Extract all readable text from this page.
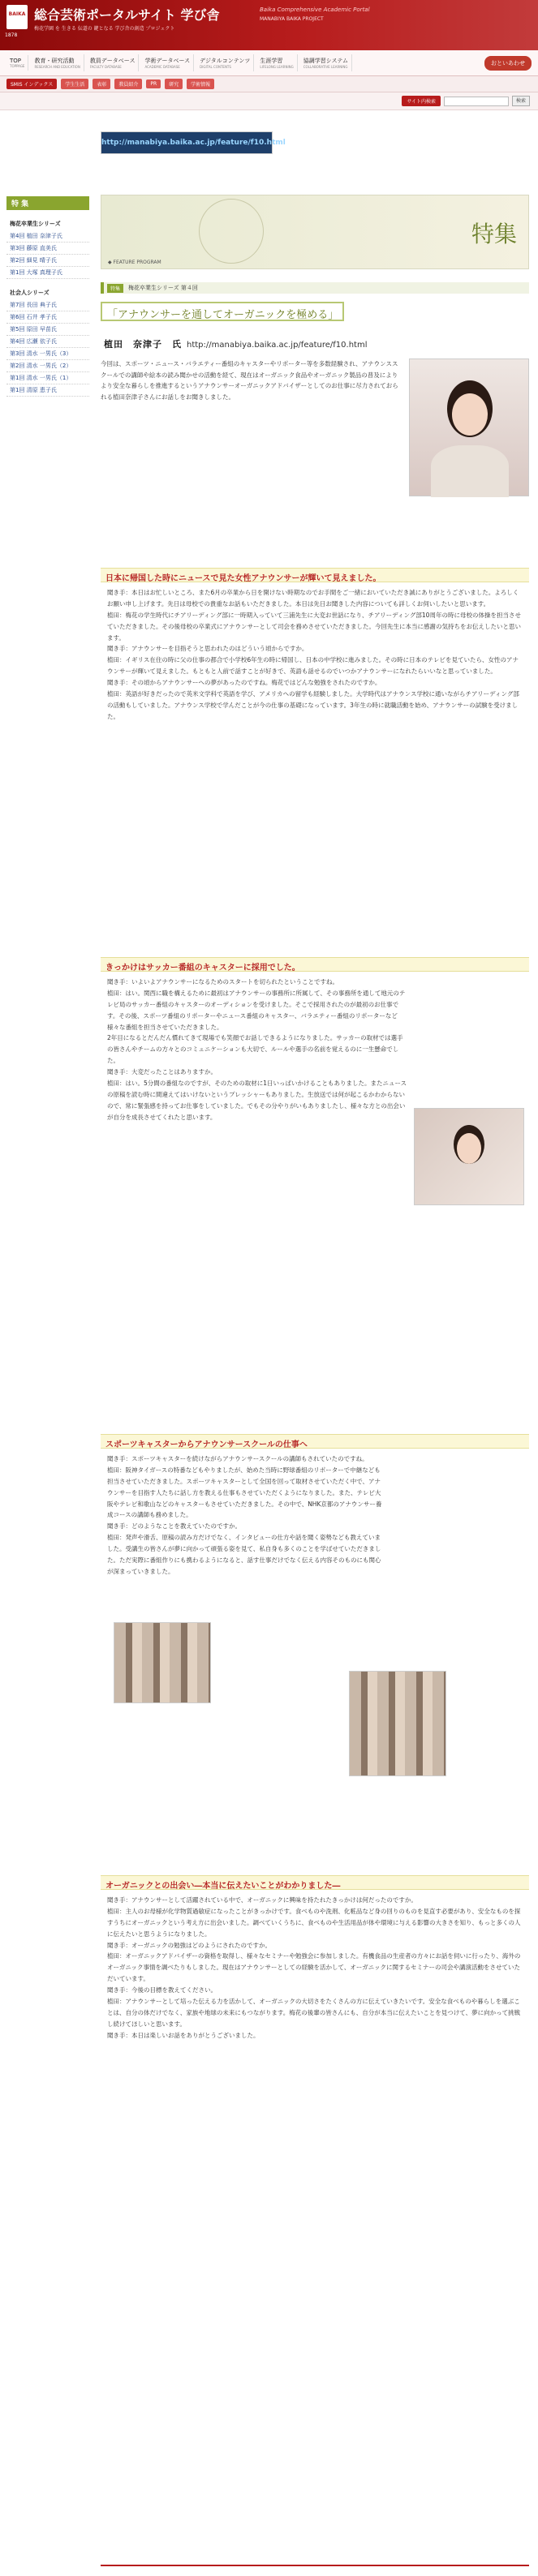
BAIKA
1878
総合芸術ポータルサイト 学び舎
梅花学園 を 生きる 伝道の 鍵となる 学び舎の創造 プロジェクト
Baika Comprehensive Academic Portal
MANABIYA BAIKA PROJECT
TOP
TOPPAGE
教育・研究活動
RESEARCH AND EDUCATION
教員データベース
FACULTY DATABASE
学術データベース
ACADEMIC DATABASE
デジタルコンテンツ
DIGITAL CONTENTS
生涯学習
LIFELONG LEARNING
協調学習システム
COLLABORATIVE LEARNING
おといあわせ
SMIS インデックス	学生生活	表彰	教員紹介	PR	研究	学術情報
サイト内検索	検索
http://manabiya.baika.ac.jp/feature/f10.html
特 集
梅花卒業生シリーズ
第4回 植田 奈津子氏
第3回 藤原 直美氏
第2回 細見 晴子氏
第1回 大塚 真理子氏
社会人シリーズ
第7回 長田 典子氏
第6回 石井 孝子氏
第5回 原田 早苗氏
第4回 広瀬 依子氏
第3回 清水 一男氏（3）
第2回 清水 一男氏（2）
第1回 清水 一男氏（1）
第1回 清原 恵子氏
特集
◆ FEATURE PROGRAM
特集	梅花卒業生シリーズ 第４回
「アナウンサーを通してオーガニックを極める」
植田　奈津子　氏 http://manabiya.baika.ac.jp/feature/f10.html

今回は、スポーツ・ニュース・バラエティー番組のキャスターやリポーター等を多数経験され、アナウンススクールでの講師や絵本の読み聞かせの活動を経て、現在はオーガニック食品やオーガニック製品の普及によりより安全な暮らしを推進するというアナウンサーオーガニックアドバイザーとしてのお仕事に尽力されておられる植田奈津子さんにお話しをお聞きしました。

日本に帰国した時にニュースで見た女性アナウンサーが輝いて見えました。
聞き手：本日はお忙しいところ、また6月の卒業から日を開けない時期なのでお手間をご一緒においていただき誠にありがとうございました。よろしくお願い申し上げます。先日は母校での貴重なお話もいただきました。本日は先日お聞きした内容についても詳しくお伺いしたいと思います。
植田：梅花の学生時代にチアリーディング部に一時期入っていて三浦先生に大変お世話になり、チアリーディング部10周年の時に母校の体操を担当させていただきました。その後母校の卒業式にアナウンサーとして司会を務めさせていただきました。今回先生に本当に感謝の気持ちをお伝えしたいと思います。
聞き手：アナウンサーを目指そうと思われたのはどういう頃からですか。
植田：イギリス在住の時に父の仕事の都合で小学校6年生の時に帰国し、日本の中学校に進みました。その時に日本のテレビを見ていたら、女性のアナウンサーが輝いて見えました。もともと人前で話すことが好きで、英語も話せるのでいつかアナウンサーになれたらいいなと思っていました。
聞き手：その頃からアナウンサーへの夢があったのですね。梅花ではどんな勉強をされたのですか。
植田：英語が好きだったので英米文学科で英語を学び、アメリカへの留学も経験しました。大学時代はアナウンス学校に通いながらチアリーディング部の活動もしていました。アナウンス学校で学んだことが今の仕事の基礎になっています。3年生の時に就職活動を始め、アナウンサーの試験を受けました。
きっかけはサッカー番組のキャスターに採用でした。
聞き手：いよいよアナウンサーになるためのスタートを切られたということですね。
植田：はい。関西に職を構えるために最初はアナウンサーの事務所に所属して、その事務所を通して地元のテレビ局のサッカー番組のキャスターのオーディションを受けました。そこで採用されたのが最初のお仕事です。その後、スポーツ番組のリポーターやニュース番組のキャスター、バラエティー番組のリポーターなど様々な番組を担当させていただきました。
2年目になるとだんだん慣れてきて現場でも笑顔でお話しできるようになりました。サッカーの取材では選手の皆さんやチームの方々とのコミュニケーションも大切で、ルールや選手の名前を覚えるのに一生懸命でした。
聞き手：大変だったことはありますか。
植田：はい。5分間の番組なのですが、そのための取材に1日いっぱいかけることもありました。またニュースの原稿を読む時に間違えてはいけないというプレッシャーもありました。生放送では何が起こるかわからないので、常に緊張感を持ってお仕事をしていました。でもその分やりがいもありましたし、様々な方との出会いが自分を成長させてくれたと思います。
スポーツキャスターからアナウンサースクールの仕事へ
聞き手：スポーツキャスターを続けながらアナウンサースクールの講師もされていたのですね。
植田：阪神タイガースの特番などもやりましたが、始めた当時に野球番組のリポーターで中継なども担当させていただきました。スポーツキャスターとして全国を回って取材させていただく中で、アナウンサーを目指す人たちに話し方を教える仕事もさせていただくようになりました。また、テレビ大阪やテレビ和歌山などのキャスターもさせていただきました。その中で、NHK京都のアナウンサー養成コースの講師も務めました。
聞き手：どのようなことを教えていたのですか。
植田：発声や滑舌、原稿の読み方だけでなく、インタビューの仕方や話を聞く姿勢なども教えていました。受講生の皆さんが夢に向かって頑張る姿を見て、私自身も多くのことを学ばせていただきました。ただ実際に番組作りにも携わるようになると、話す仕事だけでなく伝える内容そのものにも関心が深まっていきました。
オーガニックとの出会い―本当に伝えたいことがわかりました―
聞き手：アナウンサーとして活躍されている中で、オーガニックに興味を持たれたきっかけは何だったのですか。
植田：主人のお母様が化学物質過敏症になったことがきっかけです。食べものや洗剤、化粧品など身の回りのものを見直す必要があり、安全なものを探すうちにオーガニックという考え方に出会いました。調べていくうちに、食べものや生活用品が体や環境に与える影響の大きさを知り、もっと多くの人に伝えたいと思うようになりました。
聞き手：オーガニックの勉強はどのようにされたのですか。
植田：オーガニックアドバイザーの資格を取得し、様々なセミナーや勉強会に参加しました。有機食品の生産者の方々にお話を伺いに行ったり、海外のオーガニック事情を調べたりもしました。現在はアナウンサーとしての経験を活かして、オーガニックに関するセミナーの司会や講演活動をさせていただいています。
聞き手：今後の目標を教えてください。
植田：アナウンサーとして培った伝える力を活かして、オーガニックの大切さをたくさんの方に伝えていきたいです。安全な食べものや暮らしを選ぶことは、自分の体だけでなく、家族や地球の未来にもつながります。梅花の後輩の皆さんにも、自分が本当に伝えたいことを見つけて、夢に向かって挑戦し続けてほしいと思います。
聞き手：本日は楽しいお話をありがとうございました。
